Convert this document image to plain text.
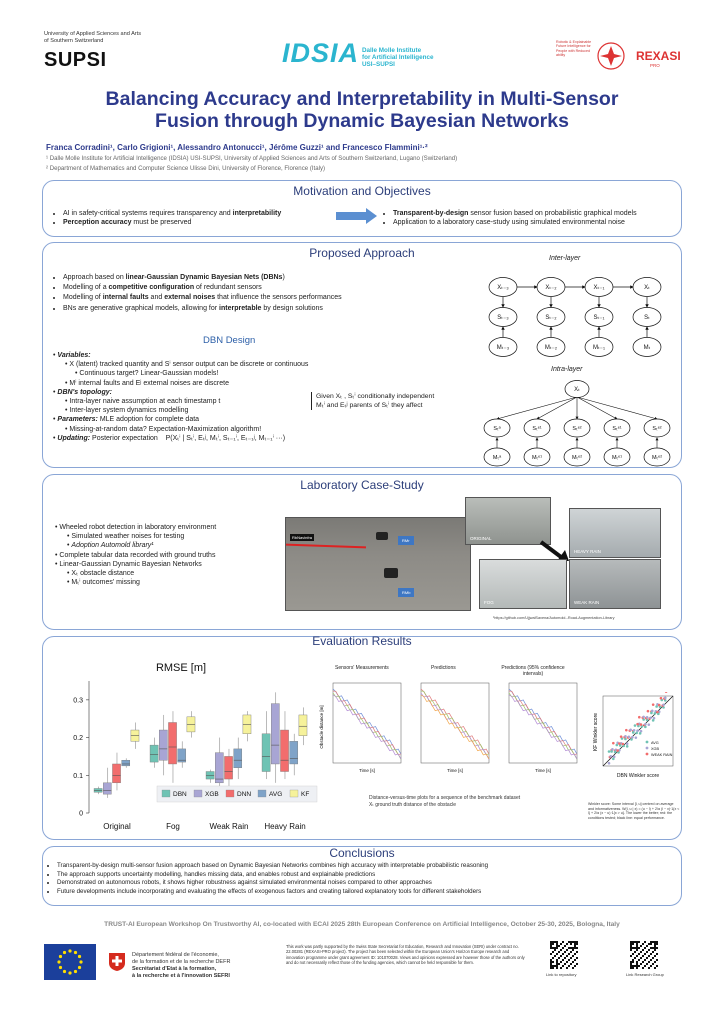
University of Applied Sciences and Arts
of Southern Switzerland
SUPSI	IDSIA Dalle Molle Institute
for Artificial Intelligence
USI–SUPSI
Robotic & Explainable Future Intelligence for People with Reduced ability	REXASI
PRO
Balancing Accuracy and Interpretability in Multi-Sensor
Fusion through Dynamic Bayesian Networks
Franca Corradini¹, Carlo Grigioni¹, Alessandro Antonucci¹, Jérôme Guzzi¹ and Francesco Flammini¹·²
¹ Dalle Molle Institute for Artificial Intelligence (IDSIA) USI-SUPSI, University of Applied Sciences and Arts of Southern Switzerland, Lugano (Switzerland)
² Department of Mathematics and Computer Science Ulisse Dini, University of Florence, Florence (Italy)
Motivation and Objectives
• AI in safety-critical systems requires transparency and interpretability
• Perception accuracy must be preserved
• Transparent-by-design sensor fusion based on probabilistic graphical models
• Application to a laboratory case-study using simulated environmental noise
Proposed Approach
• Approach based on linear-Gaussian Dynamic Bayesian Nets (DBNs)
• Modelling of a competitive configuration of redundant sensors
• Modelling of internal faults and external noises that influence the sensors performances
• BNs are generative graphical models, allowing for interpretable by design solutions
DBN Design
• Variables:
• X (latent) tracked quantity and Sⁱ sensor output can be discrete or continuous
• Continuous target? Linear-Gaussian models!
• Mⁱ internal faults and Eʲ external noises are discrete
• DBN's topology:
• Intra-layer naive assumption at each timestamp t
• Inter-layer system dynamics modelling
• Parameters: MLE adoption for complete data
• Missing-at-random data? Expectation-Maximization algorithm!
• Updating: Posterior expectation P(Xₜⁱ | Sₜⁱ, Eₜʲ, Mₜⁱ, Sₜ₋₁ⁱ, Eₜ₋₁ʲ, Mₜ₋₁ⁱ ···)
Given Xₜ , Sₜⁱ conditionally independent
Mₜⁱ and Eₜʲ parents of Sₜⁱ they affect
Inter-layer
Xₜ₋₃	Xₜ₋₂	Xₜ₋₁	Xₜ
Sₜ₋₃	Sₜ₋₂	Sₜ₋₁	Sₜ
Mₜ₋₃	Mₜ₋₂	Mₜ₋₁	Mₜ
Intra-layer
Xₜ
Sₜᵃ	Sₜᵉ¹	Sₜᵉ²	Sₜᵉ¹	Sₜᵉ²
Mₜᵃ	Mₜᵉ¹	Mₜᵉ²	Mₜᵉ¹	Mₜᵉ²
Laboratory Case-Study
• Wheeled robot detection in laboratory environment
• Simulated weather noises for testing
• Adoption Automold library¹
• Complete tabular data recorded with ground truths
• Linear-Gaussian Dynamic Bayesian Networks
• Xₜ obstacle distance
• Mₜⁱ outcomes' missing
RbNavinfra
RMr
RMb
ORIGINAL
HEAVY RAIN
FOG	WEAK RAIN
¹https://github.com/UjjwalSaxena/Automold--Road-Augmentation-Library
Evaluation Results
RMSE [m]
0
0.1
0.2
0.3
Original	Fog	Weak Rain Heavy Rain
DBN	XGB	DNN	AVG	KF
Sensors' Measurements	Predictions	Predictions (95% confidence intervals)
Obstacle distance [m]
Time [s]	Time [s]	Time [s]
Distance-versus-time plots for a sequence of the benchmark dataset
Xₜ ground truth distance of the obstacle
AVG
XGB
WEAK RAIN
DBN Winkler score
KF Winkler score
Winkler score: Some interval [l, u] centred on average and informativeness. W(l, u | x) = (u − l) + 2/α (l − x)·1{x < l} + 2/α (x − u)·1{x > u}. The lower the better; red: the conditions tested; black line: equal performance.
Conclusions
• Transparent-by-design multi-sensor fusion approach based on Dynamic Bayesian Networks combines high accuracy with interpretable probabilistic reasoning
• The approach supports uncertainty modelling, handles missing data, and enables robust and explainable predictions
• Demonstrated on autonomous robots, it shows higher robustness against simulated environmental noises compared to other approaches
• Future developments include incorporating and evaluating the effects of exogenous factors and creating tailored explanatory tools for different stakeholders
TRUST-AI European Workshop On Trustworthy AI, co-located with ECAI 2025 28th European Conference on Artificial Intelligence, October 25-30, 2025, Bologna, Italy
Département fédéral de l'économie,
de la formation et de la recherche DEFR
Secrétariat d'Etat à la formation,
à la recherche et à l'innovation SEFRI
This work was partly supported by the Swiss State Secretariat for Education, Research and Innovation (SERI) under contract no. 22.00281 (REXASI-PRO project). The project has been selected within the European Union's Horizon Europe research and innovation programme under grant agreement ID: 101070028. Views and opinions expressed are however those of the authors only and do not necessarily reflect those of the funding agencies, which cannot be held responsible for them.
Link to repository	Link Research Group
